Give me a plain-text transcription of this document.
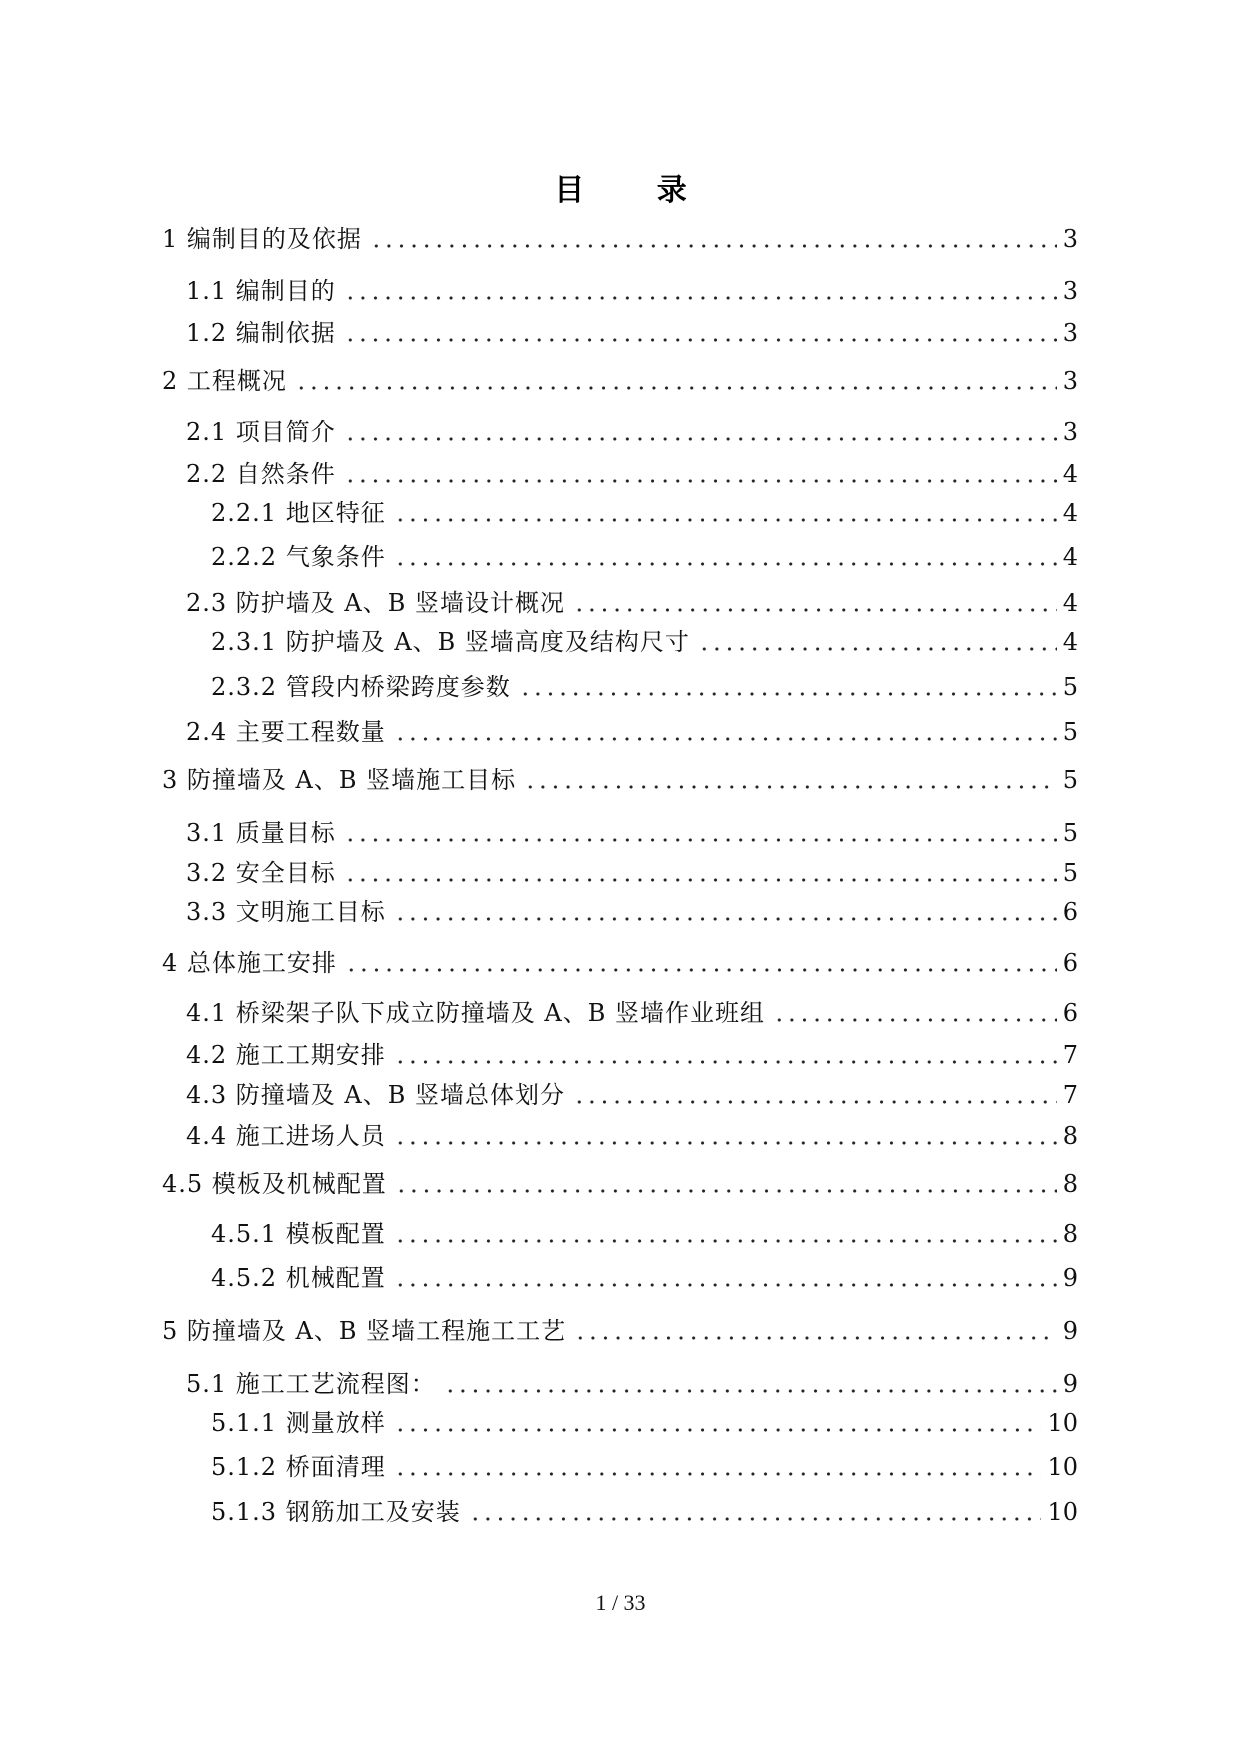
目 录
1 编制目的及依据	3
1.1 编制目的	3
1.2 编制依据	3
2 工程概况	3
2.1 项目简介	3
2.2 自然条件	4
2.2.1 地区特征	4
2.2.2 气象条件	4
2.3 防护墙及 A、B 竖墙设计概况	4
2.3.1 防护墙及 A、B 竖墙高度及结构尺寸	4
2.3.2 管段内桥梁跨度参数	5
2.4 主要工程数量	5
3 防撞墙及 A、B 竖墙施工目标	5
3.1 质量目标	5
3.2 安全目标	5
3.3 文明施工目标	6
4 总体施工安排	6
4.1 桥梁架子队下成立防撞墙及 A、B 竖墙作业班组	6
4.2 施工工期安排	7
4.3 防撞墙及 A、B 竖墙总体划分	7
4.4 施工进场人员	8
4.5 模板及机械配置	8
4.5.1 模板配置	8
4.5.2 机械配置	9
5 防撞墙及 A、B 竖墙工程施工工艺	9
5.1 施工工艺流程图：	9
5.1.1 测量放样	10
5.1.2 桥面清理	10
5.1.3 钢筋加工及安装	10
1 / 33
